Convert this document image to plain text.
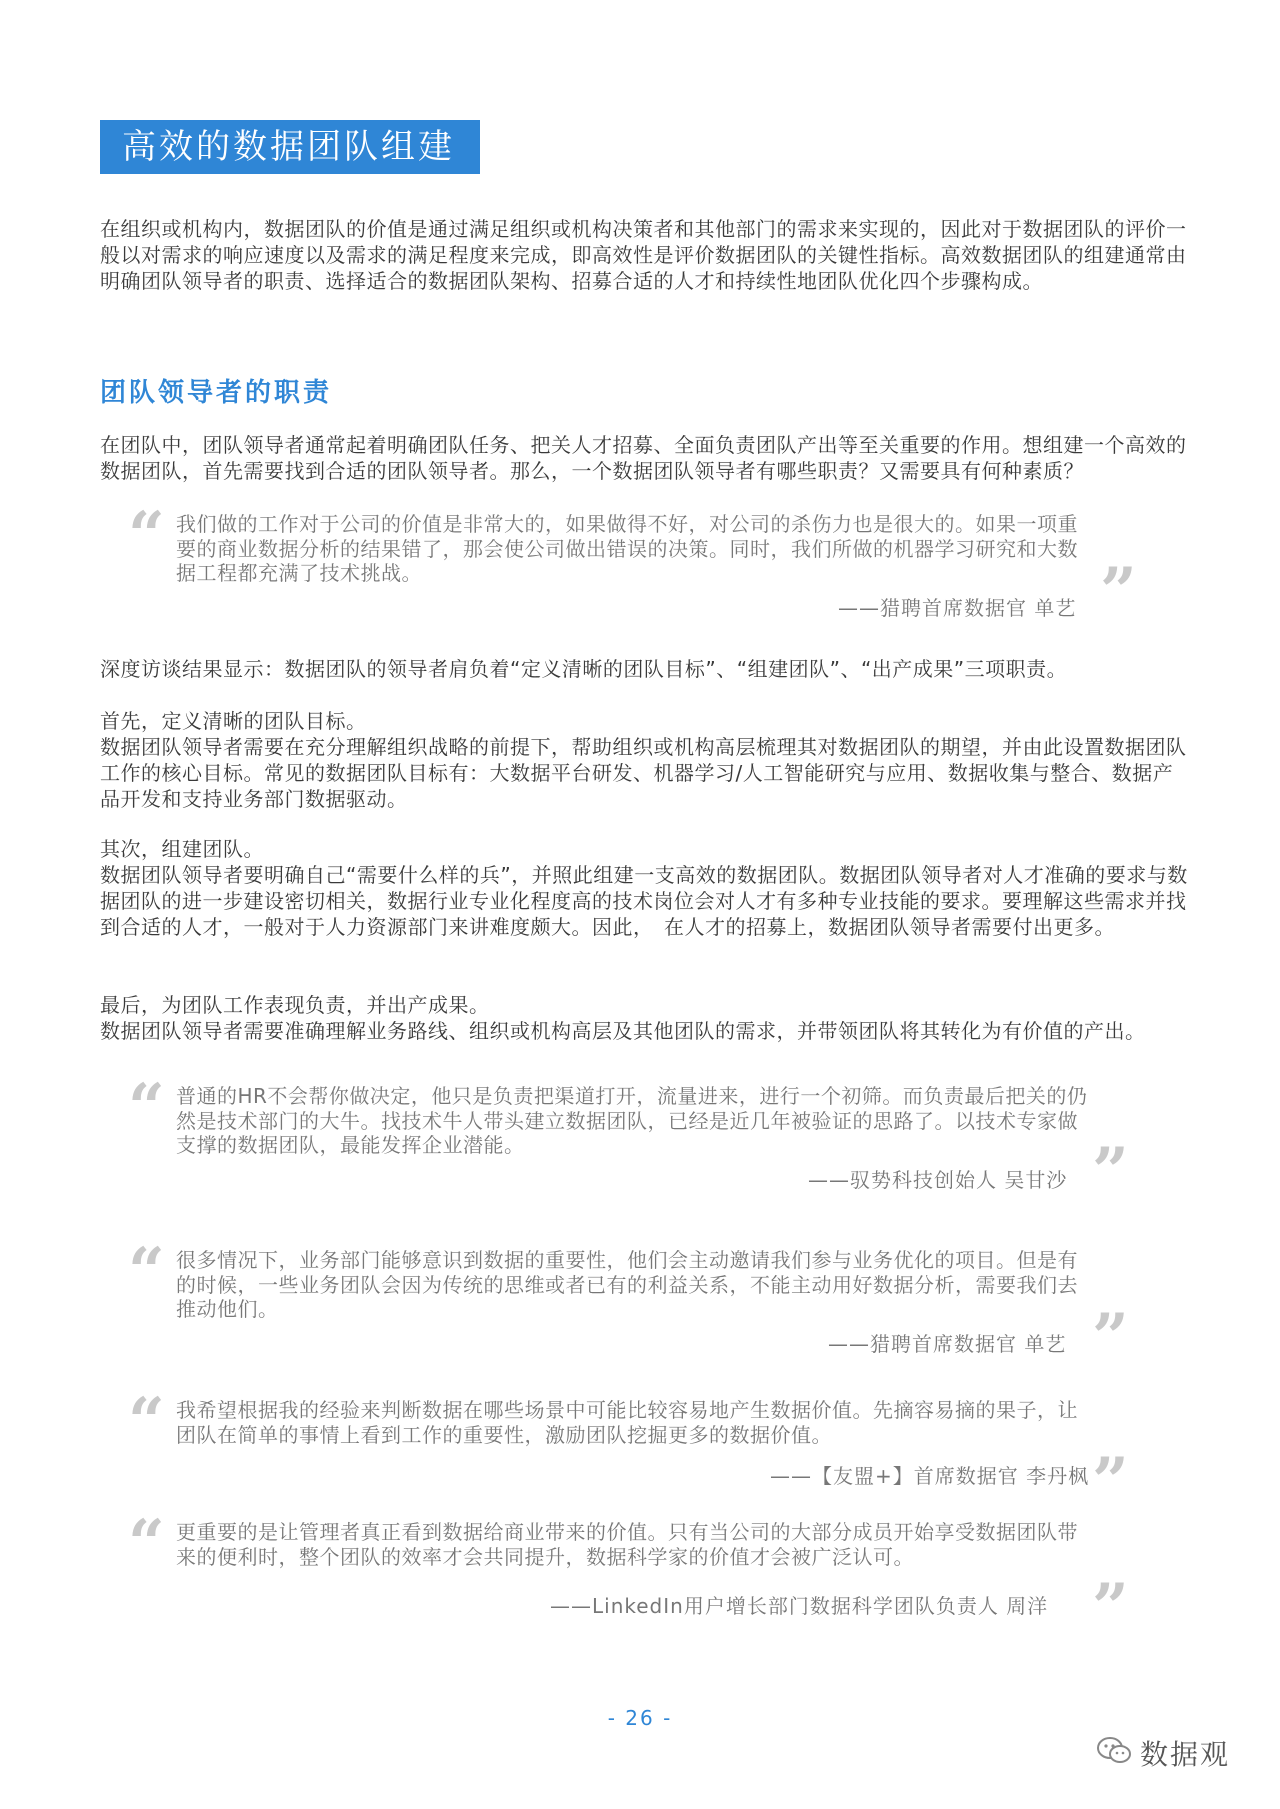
高效的数据团队组建

在组织或机构内，数据团队的价值是通过满足组织或机构决策者和其他部门的需求来实现的，因此对于数据团队的评价一般以对需求的响应速度以及需求的满足程度来完成，即高效性是评价数据团队的关键性指标。高效数据团队的组建通常由明确团队领导者的职责、选择适合的数据团队架构、招募合适的人才和持续性地团队优化四个步骤构成。

团队领导者的职责

在团队中，团队领导者通常起着明确团队任务、把关人才招募、全面负责团队产出等至关重要的作用。想组建一个高效的数据团队，首先需要找到合适的团队领导者。那么，一个数据团队领导者有哪些职责？又需要具有何种素质？

“ 我们做的工作对于公司的价值是非常大的，如果做得不好，对公司的杀伤力也是很大的。如果一项重要的商业数据分析的结果错了，那会使公司做出错误的决策。同时，我们所做的机器学习研究和大数据工程都充满了技术挑战。

——猎聘首席数据官 单艺 ”

深度访谈结果显示：数据团队的领导者肩负着“定义清晰的团队目标”、“组建团队”、“出产成果”三项职责。

首先，定义清晰的团队目标。

数据团队领导者需要在充分理解组织战略的前提下，帮助组织或机构高层梳理其对数据团队的期望，并由此设置数据团队工作的核心目标。常见的数据团队目标有：大数据平台研发、机器学习/人工智能研究与应用、数据收集与整合、数据产品开发和支持业务部门数据驱动。

其次，组建团队。

数据团队领导者要明确自己“需要什么样的兵”，并照此组建一支高效的数据团队。数据团队领导者对人才准确的要求与数据团队的进一步建设密切相关，数据行业专业化程度高的技术岗位会对人才有多种专业技能的要求。要理解这些需求并找到合适的人才，一般对于人力资源部门来讲难度颇大。因此，　在人才的招募上，数据团队领导者需要付出更多。

最后，为团队工作表现负责，并出产成果。

数据团队领导者需要准确理解业务路线、组织或机构高层及其他团队的需求，并带领团队将其转化为有价值的产出。

“ 普通的HR不会帮你做决定，他只是负责把渠道打开，流量进来，进行一个初筛。而负责最后把关的仍然是技术部门的大牛。找技术牛人带头建立数据团队，已经是近几年被验证的思路了。以技术专家做支撑的数据团队，最能发挥企业潜能。

——驭势科技创始人 吴甘沙 ”
“ 很多情况下，业务部门能够意识到数据的重要性，他们会主动邀请我们参与业务优化的项目。但是有的时候，一些业务团队会因为传统的思维或者已有的利益关系，不能主动用好数据分析，需要我们去推动他们。

——猎聘首席数据官 单艺 ”
“ 我希望根据我的经验来判断数据在哪些场景中可能比较容易地产生数据价值。先摘容易摘的果子，让团队在简单的事情上看到工作的重要性，激励团队挖掘更多的数据价值。

——【友盟+】首席数据官 李丹枫 ”
“ 更重要的是让管理者真正看到数据给商业带来的价值。只有当公司的大部分成员开始享受数据团队带来的便利时，整个团队的效率才会共同提升，数据科学家的价值才会被广泛认可。

——LinkedIn用户增长部门数据科学团队负责人 周洋 ”
- 26 -
数据观
